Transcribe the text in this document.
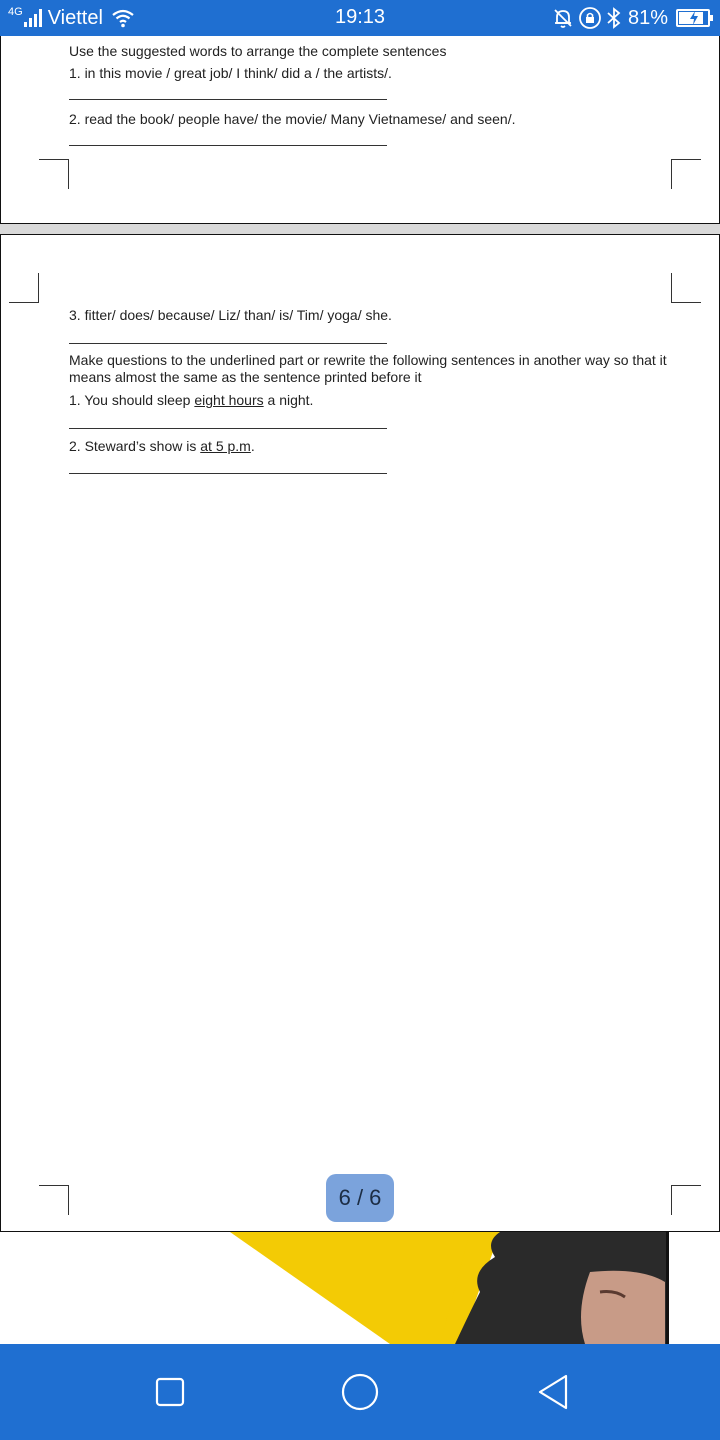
4G Viettel	19:13	81%
Use the suggested words to arrange the complete sentences
1. in this movie / great job/ I think/ did a / the artists/.
2. read the book/ people have/ the movie/ Many Vietnamese/ and seen/.
3. fitter/ does/ because/ Liz/ than/ is/ Tim/ yoga/ she.
Make questions to the underlined part or rewrite the following sentences in another way so that it means almost the same as the sentence printed before it
1. You should sleep eight hours a night.
2. Steward’s show is at 5 p.m.
6 / 6
